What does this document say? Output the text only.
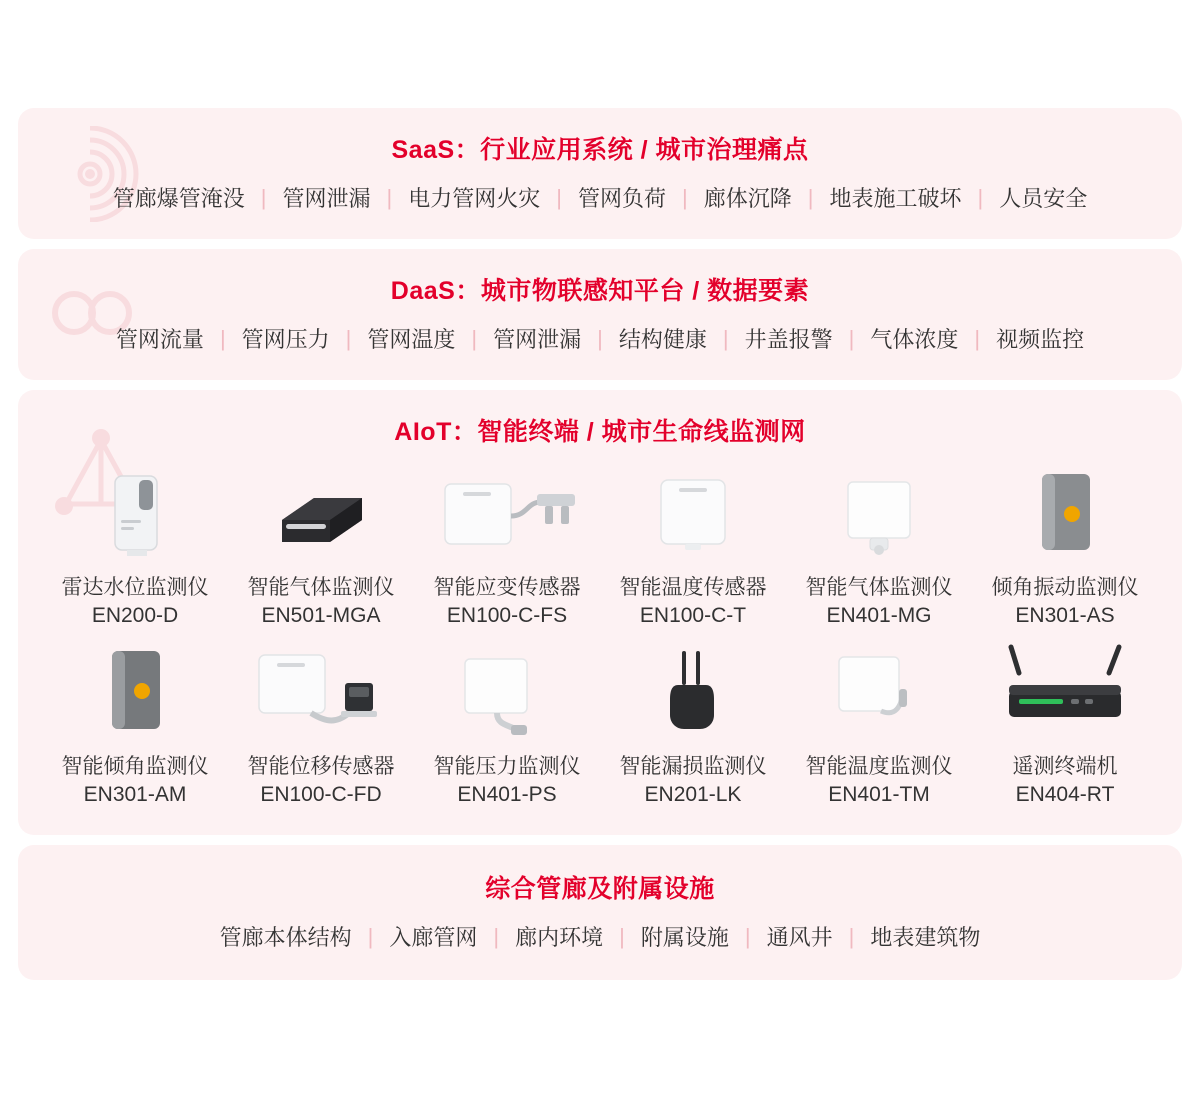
SaaS：行业应用系统 / 城市治理痛点
管廊爆管淹没 | 管网泄漏 | 电力管网火灾 | 管网负荷 | 廊体沉降 | 地表施工破坏 | 人员安全
DaaS：城市物联感知平台 / 数据要素
管网流量 | 管网压力 | 管网温度 | 管网泄漏 | 结构健康 | 井盖报警 | 气体浓度 | 视频监控
AIoT：智能终端 / 城市生命线监测网
雷达水位监测仪
EN200-D
智能气体监测仪
EN501-MGA
智能应变传感器
EN100-C-FS
智能温度传感器
EN100-C-T
智能气体监测仪
EN401-MG
倾角振动监测仪
EN301-AS
智能倾角监测仪
EN301-AM
智能位移传感器
EN100-C-FD
智能压力监测仪
EN401-PS
智能漏损监测仪
EN201-LK
智能温度监测仪
EN401-TM
遥测终端机
EN404-RT
综合管廊及附属设施
管廊本体结构 | 入廊管网 | 廊内环境 | 附属设施 | 通风井 | 地表建筑物
